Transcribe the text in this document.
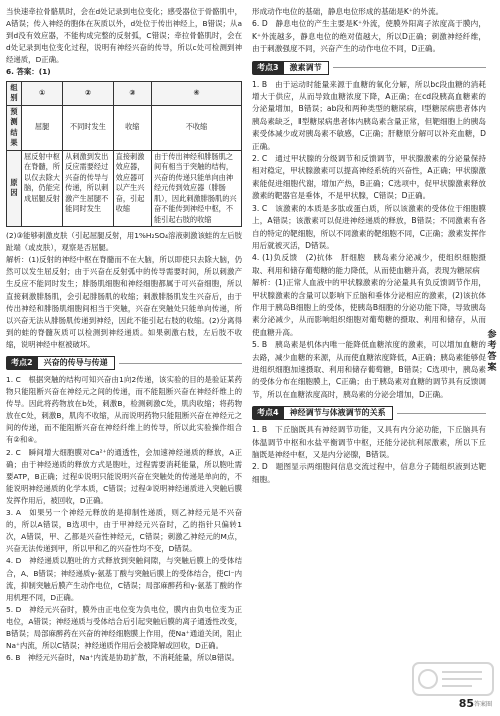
当快速牵拉骨骼肌时，会在d处记录到电位变化；感受器位于骨骼肌中，A错误；传入神经的胞体在灰质以外，d处位于传出神经上，B错误；从a到d没有效应器，不能构成完整的反射弧，C错误；牵拉骨骼肌时，会在d处记录到电位变化过程，说明有神经兴奋的传导，所以c处可检测到神经递质，D正确。

6. 答案：(1)

组别	①	②	③	④
预测结果	屈腿	不同时发生	收缩	不收缩
原因	屈反射中枢在脊髓，所以仅去除大脑，仍能完成屈腿反射	从刺激到发出反应需要经过兴奋的传导与传递，所以刺激产生屈腿不能同时发生	直接刺激效应器，效应器可以产生兴奋，引起收缩	由于传出神经和腓肠肌之间有相当于突触的结构，兴奋的传递只能单向由神经元传到效应器（腓肠肌），因此刺激腓肠肌的兴奋不能传到神经中枢，不能引起右肢的收缩

(2)③能够刺激皮肤（引起屈腿反射，用1%H₂SO₄溶液刺激该蛙的左后肢趾端（或皮肤），观察是否屈腿。

解析：(1)反射的神经中枢在脊髓而不在大脑，所以即使只去除大脑，仍然可以发生屈反射；由于兴奋在反射弧中的传导需要时间，所以刺激产生反应不能同时发生；腓肠肌细胞和神经细胞都属于可兴奋细胞，所以直接刺激腓肠肌，会引起腓肠肌的收缩；刺激腓肠肌发生兴奋后，由于传出神经和腓肠肌细胞间相当于突触，兴奋在突触处只能单向传递，所以兴奋无法从腓肠肌传递到神经，因此不能引起右肢的收缩。(2)分离得到的蛙的脊髓灰质可以检测到神经递质。如果刺激右肢，左后肢不收缩，说明神经中枢被破坏。

考点2	兴奋的传导与传递

1. C　根据突触的结构可知兴奋由1向2传递，该实验的目的是验证某药物只能阻断兴奋在神经元之间的传递，而不能阻断兴奋在神经纤维上的传导。因此将药物放在b处，刺激B，检测刺激C处，肌肉收缩；将药物放在C处，刺激B，肌肉不收缩，从而说明药物只能阻断兴奋在神经元之间的传递，而不能阻断兴奋在神经纤维上的传导，所以此实验操作组合有②和④。

2. C　瞬间增大细胞膜对Ca²⁺的通透性，会加速神经递质的释放，A正确；由于神经递质的释放方式是胞吐，过程需要消耗能量，所以胞吐需要ATP，B正确；过程①说明只能说明兴奋在突触处的传递是单向的，不能说明神经递质的化学本质，C错误；过程③说明神经递质进入突触后膜发挥作用后，被回收，D正确。

3. A　如果另一个神经元释放的是抑制性递质，则乙神经元是不兴奋的，所以A错误，B选项中，由于甲神经元兴奋时，乙的指针只偏转1次，A错误，甲、乙都是兴奋性神经元，C错误；刺激乙神经元的M点，兴奋无法传递到甲，所以甲和乙的兴奋性均不变，D错误。

4. D　神经递质以胞吐的方式释放到突触间隙，与突触后膜上的受体结合，A、B错误；神经递质γ-氨基丁酸与突触后膜上的受体结合，使Cl⁻内流，抑制突触后膜产生动作电位，C错误；局部麻醉药和γ-氨基丁酸的作用机理不同，D正确。

5. D　神经元兴奋时，膜外由正电位变为负电位，膜内由负电位变为正电位，A错误；神经递质与受体结合后引起突触后膜的离子通透性改变，B错误；局部麻醉药在兴奋的神经细胞膜上作用，使Na⁺通道关闭，阻止Na⁺内流，所以C错误；神经递质作用后会被降解或回收，D正确。

6. B　神经元兴奋时，Na⁺内流是协助扩散，不消耗能量，所以B错误。

形成动作电位的基础，静息电位形成的基础是K⁺的外流。

6. D　静息电位的产生主要是K⁺外流，使膜外阳离子浓度高于膜内，K⁺外流越多，静息电位的绝对值越大，所以D正确；刺激神经纤维，由于刺激强度不同，兴奋产生的动作电位不同，D正确。

考点3	激素调节

1. B　由于运动时能量来源于血糖的氧化分解，所以bc段血糖的消耗增大于供应，从而导致血糖浓度下降，A正确；在cd段胰高血糖素的分泌量增加，B错误；ab段和两种类型的糖尿病，Ⅰ型糖尿病患者体内胰岛素缺乏，Ⅱ型糖尿病患者体内胰岛素含量正常，但靶细胞上的胰岛素受体减少或对胰岛素不敏感，C正确；肝糖原分解可以补充血糖，D正确。

2. C　通过甲状腺的分级调节和反馈调节，甲状腺激素的分泌量保持相对稳定，甲状腺激素可以提高神经系统的兴奋性，A正确；甲状腺激素能促进细胞代谢，增加产热，B正确；C选项中，促甲状腺激素释放激素的靶器官是垂体，不是甲状腺，C错误；D正确。

3. C　该激素的本质是多肽或蛋白质，所以该激素的受体位于细胞膜上，A错误；该激素可以促进神经递质的释放，B错误；不同激素有各自的特定的靶细胞，所以不同激素的靶细胞不同，C正确；激素发挥作用后就被灭活，D错误。

4. (1)负反馈　(2)抗体　肝细胞　胰岛素分泌减少，使组织细胞摄取、利用和储存葡萄糖的能力降低，从而使血糖升高，表现为糖尿病

解析：(1)正常人血液中的甲状腺激素的分泌量具有负反馈调节作用，甲状腺激素的含量可以影响下丘脑和垂体分泌相应的激素，(2)该抗体作用于胰岛B细胞上的受体，使胰岛B细胞的分泌功能下降，导致胰岛素分泌减少，从而影响组织细胞对葡萄糖的摄取、利用和储存，从而使血糖升高。

5. B　胰岛素是机体内唯一能降低血糖浓度的激素，可以增加血糖的去路，减少血糖的来源，从而使血糖浓度降低，A正确；胰岛素能够促进组织细胞加速摄取、利用和储存葡萄糖，B错误；C选项中，胰岛素的受体分布在细胞膜上，C正确；由于胰岛素对血糖的调节具有反馈调节，所以在血糖浓度高时，胰岛素的分泌会增加，D正确。

考点4	神经调节与体液调节的关系

1. B　下丘脑既具有神经调节功能，又具有内分泌功能，下丘脑具有体温调节中枢和水盐平衡调节中枢，还能分泌抗利尿激素，所以下丘脑既是神经中枢，又是内分泌腺，B错误。

2. D　题图显示两细胞间信息交流过程中，信息分子随组织液到达靶细胞。

参考答案
答案圈
85
